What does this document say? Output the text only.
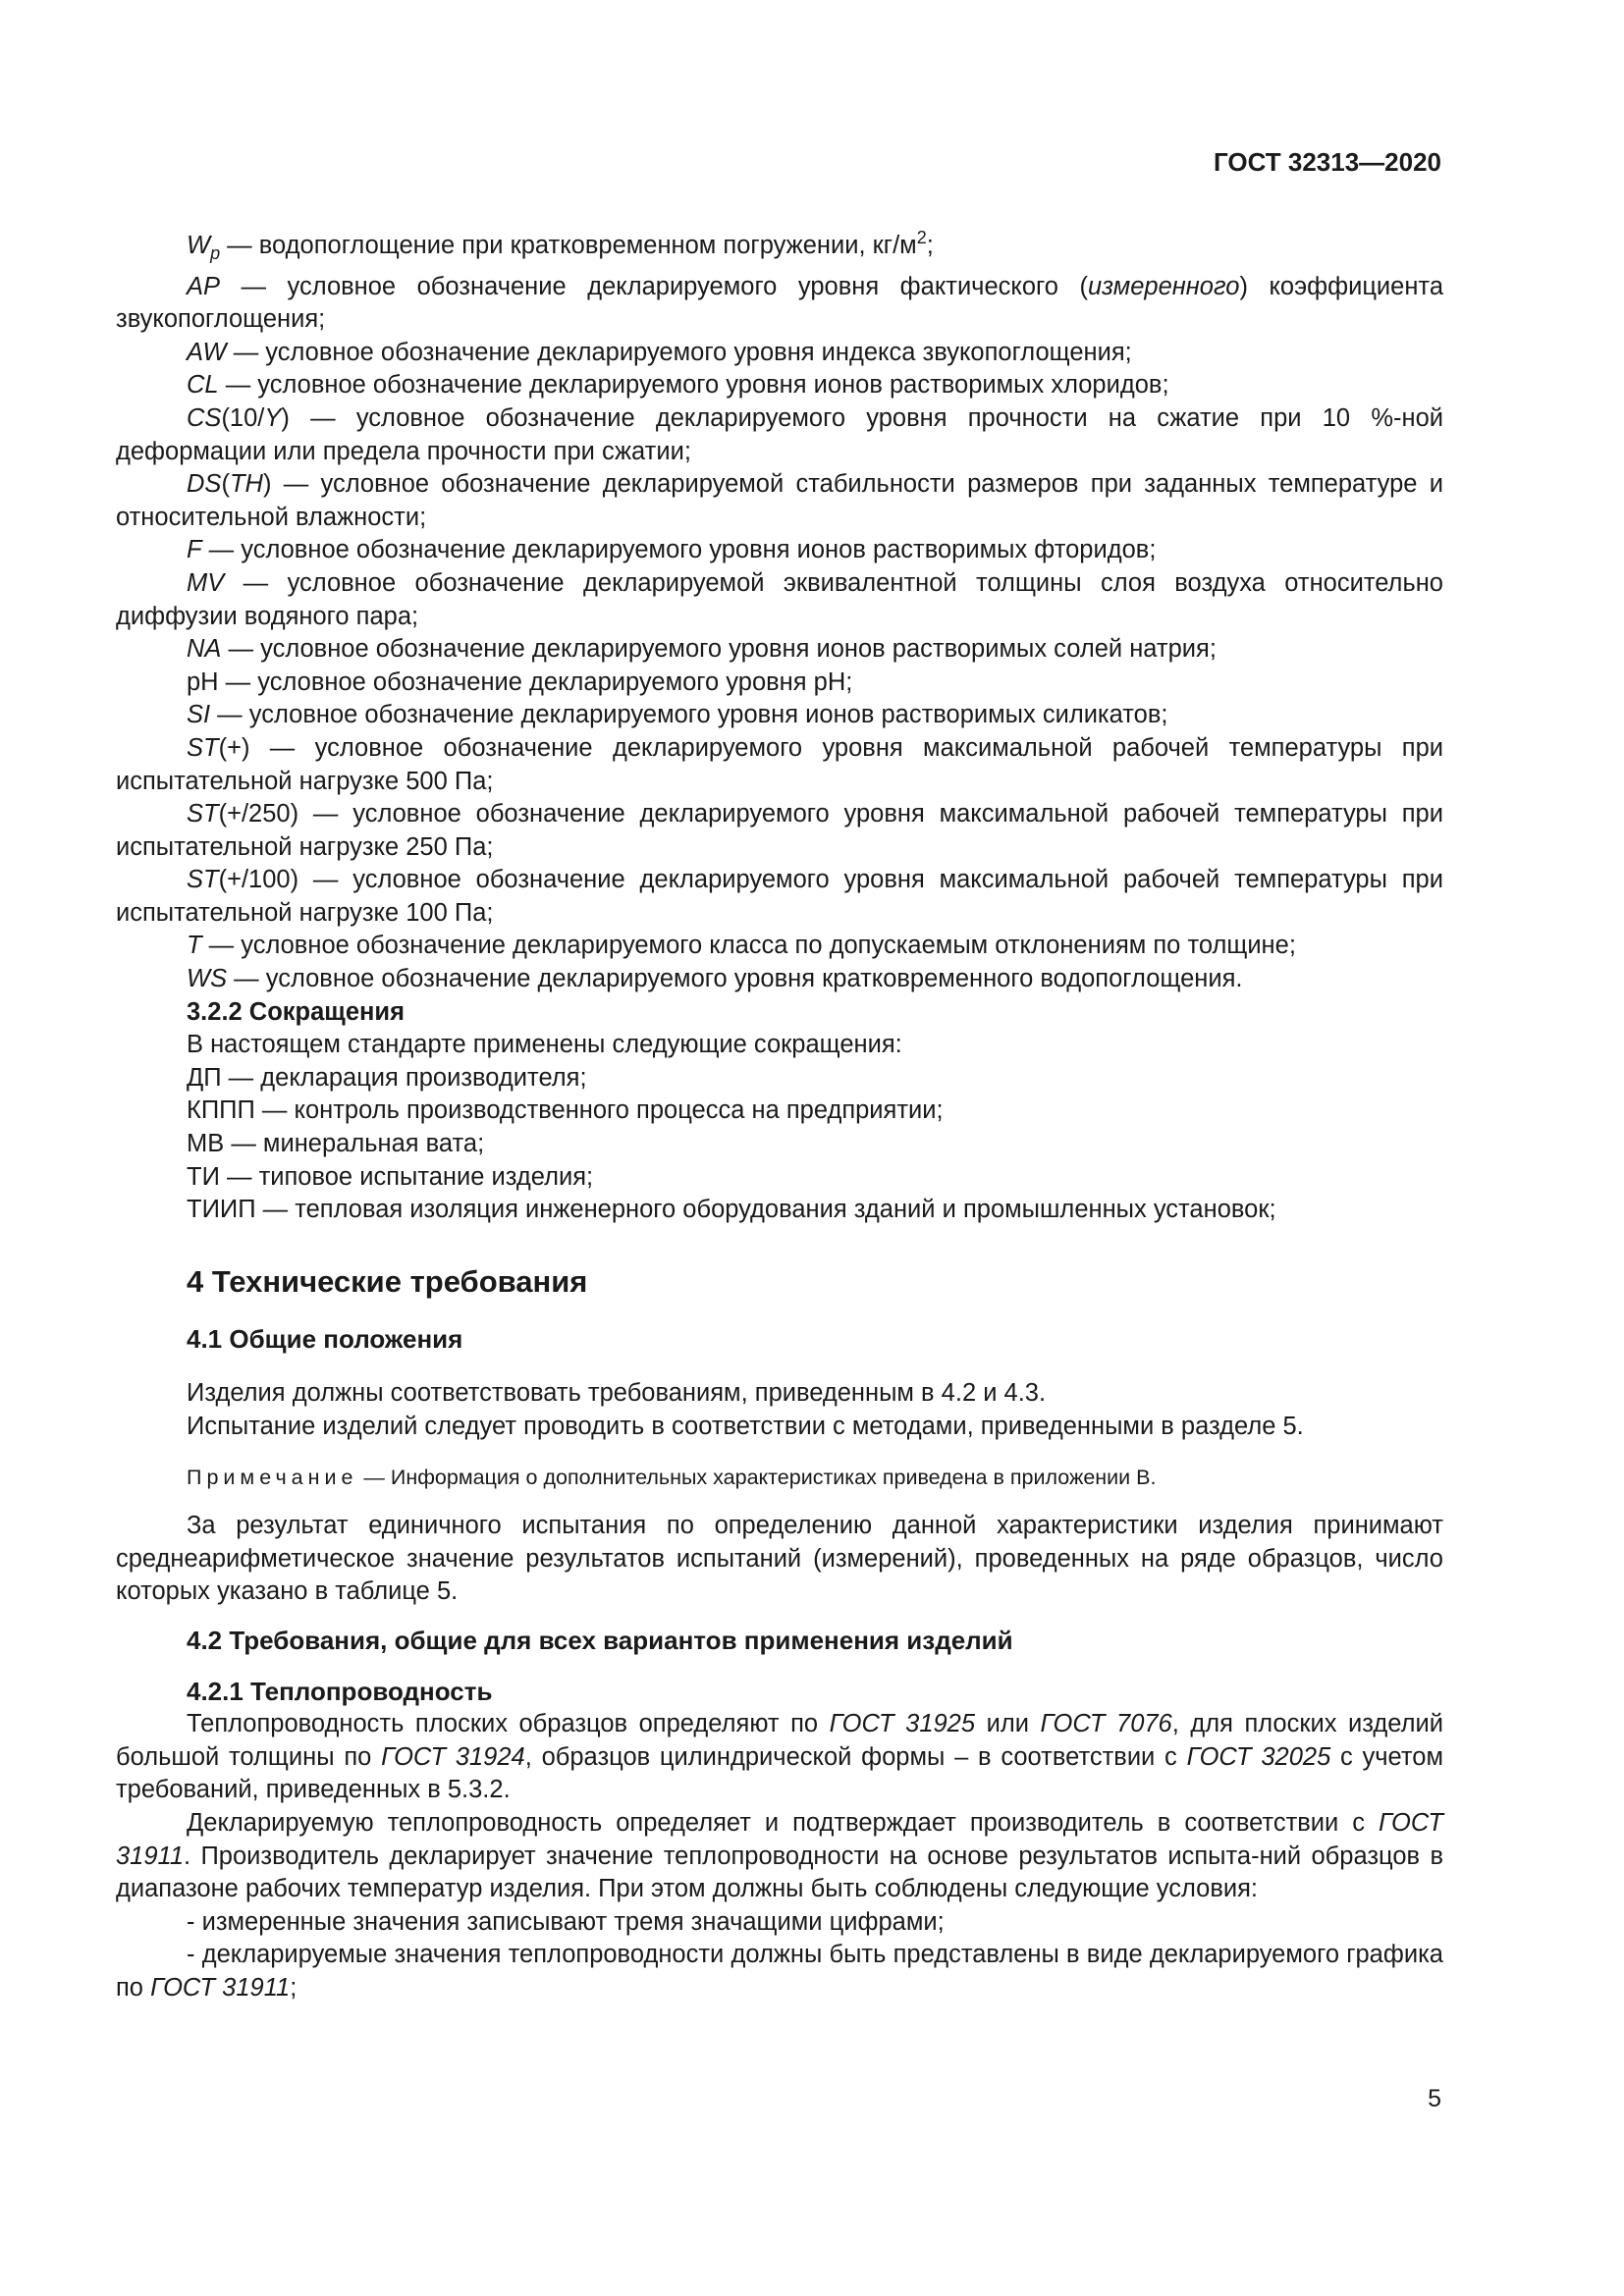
ГОСТ 32313—2020

$W_p$ — водопоглощение при кратковременном погружении, $кг/м^2$;

AP — условное обозначение декларируемого уровня фактического (измеренного) коэффициента звукопоглощения;

AW — условное обозначение декларируемого уровня индекса звукопоглощения;

CL — условное обозначение декларируемого уровня ионов растворимых хлоридов;

CS(10/Y) — условное обозначение декларируемого уровня прочности на сжатие при 10 %-ной деформации или предела прочности при сжатии;

DS(TH) — условное обозначение декларируемой стабильности размеров при заданных температуре и относительной влажности;

F — условное обозначение декларируемого уровня ионов растворимых фторидов;

MV — условное обозначение декларируемой эквивалентной толщины слоя воздуха относительно диффузии водяного пара;

NA — условное обозначение декларируемого уровня ионов растворимых солей натрия;

pH — условное обозначение декларируемого уровня pH;

SI — условное обозначение декларируемого уровня ионов растворимых силикатов;

ST(+) — условное обозначение декларируемого уровня максимальной рабочей температуры при испытательной нагрузке 500 Па;

ST(+/250) — условное обозначение декларируемого уровня максимальной рабочей температуры при испытательной нагрузке 250 Па;

ST(+/100) — условное обозначение декларируемого уровня максимальной рабочей температуры при испытательной нагрузке 100 Па;

T — условное обозначение декларируемого класса по допускаемым отклонениям по толщине;

WS — условное обозначение декларируемого уровня кратковременного водопоглощения.

3.2.2 Сокращения

В настоящем стандарте применены следующие сокращения:

ДП — декларация производителя;

КППП — контроль производственного процесса на предприятии;

МВ — минеральная вата;

ТИ — типовое испытание изделия;

ТИИП — тепловая изоляция инженерного оборудования зданий и промышленных установок;

4 Технические требования

4.1 Общие положения

Изделия должны соответствовать требованиям, приведенным в 4.2 и 4.3.

Испытание изделий следует проводить в соответствии с методами, приведенными в разделе 5.

Примечание — Информация о дополнительных характеристиках приведена в приложении В.

За результат единичного испытания по определению данной характеристики изделия принимают среднеарифметическое значение результатов испытаний (измерений), проведенных на ряде образцов, число которых указано в таблице 5.

4.2 Требования, общие для всех вариантов применения изделий

4.2.1 Теплопроводность

Теплопроводность плоских образцов определяют по ГОСТ 31925 или ГОСТ 7076, для плоских изделий большой толщины по ГОСТ 31924, образцов цилиндрической формы – в соответствии с ГОСТ 32025 с учетом требований, приведенных в 5.3.2.

Декларируемую теплопроводность определяет и подтверждает производитель в соответствии с ГОСТ 31911. Производитель декларирует значение теплопроводности на основе результатов испыта-ний образцов в диапазоне рабочих температур изделия. При этом должны быть соблюдены следующие условия:

- измеренные значения записывают тремя значащими цифрами;

- декларируемые значения теплопроводности должны быть представлены в виде декларируемого графика по ГОСТ 31911;

5
